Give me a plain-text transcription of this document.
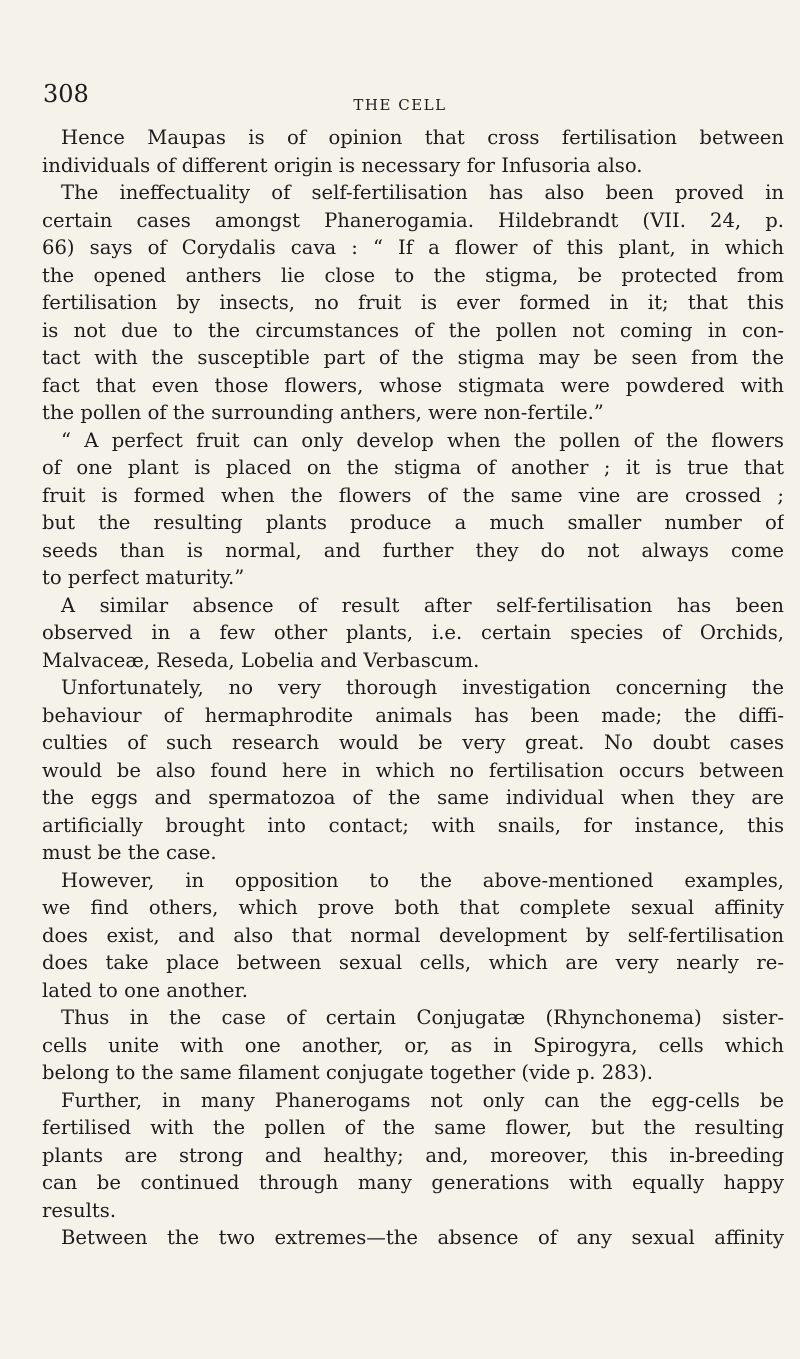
308	THE CELL
Hence Maupas is of opinion that cross fertilisation between
individuals of different origin is necessary for Infusoria also.
The ineffectuality of self-fertilisation has also been proved in
certain cases amongst Phanerogamia. Hildebrandt (VII. 24, p.
66) says of Corydalis cava : “ If a flower of this plant, in which
the opened anthers lie close to the stigma, be protected from
fertilisation by insects, no fruit is ever formed in it; that this
is not due to the circumstances of the pollen not coming in con-
tact with the susceptible part of the stigma may be seen from the
fact that even those flowers, whose stigmata were powdered with
the pollen of the surrounding anthers, were non-fertile.”
“ A perfect fruit can only develop when the pollen of the flowers
of one plant is placed on the stigma of another ; it is true that
fruit is formed when the flowers of the same vine are crossed ;
but the resulting plants produce a much smaller number of
seeds than is normal, and further they do not always come
to perfect maturity.”
A similar absence of result after self-fertilisation has been
observed in a few other plants, i.e. certain species of Orchids,
Malvaceæ, Reseda, Lobelia and Verbascum.
Unfortunately, no very thorough investigation concerning the
behaviour of hermaphrodite animals has been made; the diffi-
culties of such research would be very great. No doubt cases
would be also found here in which no fertilisation occurs between
the eggs and spermatozoa of the same individual when they are
artificially brought into contact; with snails, for instance, this
must be the case.
However, in opposition to the above-mentioned examples,
we find others, which prove both that complete sexual affinity
does exist, and also that normal development by self-fertilisation
does take place between sexual cells, which are very nearly re-
lated to one another.
Thus in the case of certain Conjugatæ (Rhynchonema) sister-
cells unite with one another, or, as in Spirogyra, cells which
belong to the same filament conjugate together (vide p. 283).
Further, in many Phanerogams not only can the egg-cells be
fertilised with the pollen of the same flower, but the resulting
plants are strong and healthy; and, moreover, this in-breeding
can be continued through many generations with equally happy
results.
Between the two extremes—the absence of any sexual affinity
